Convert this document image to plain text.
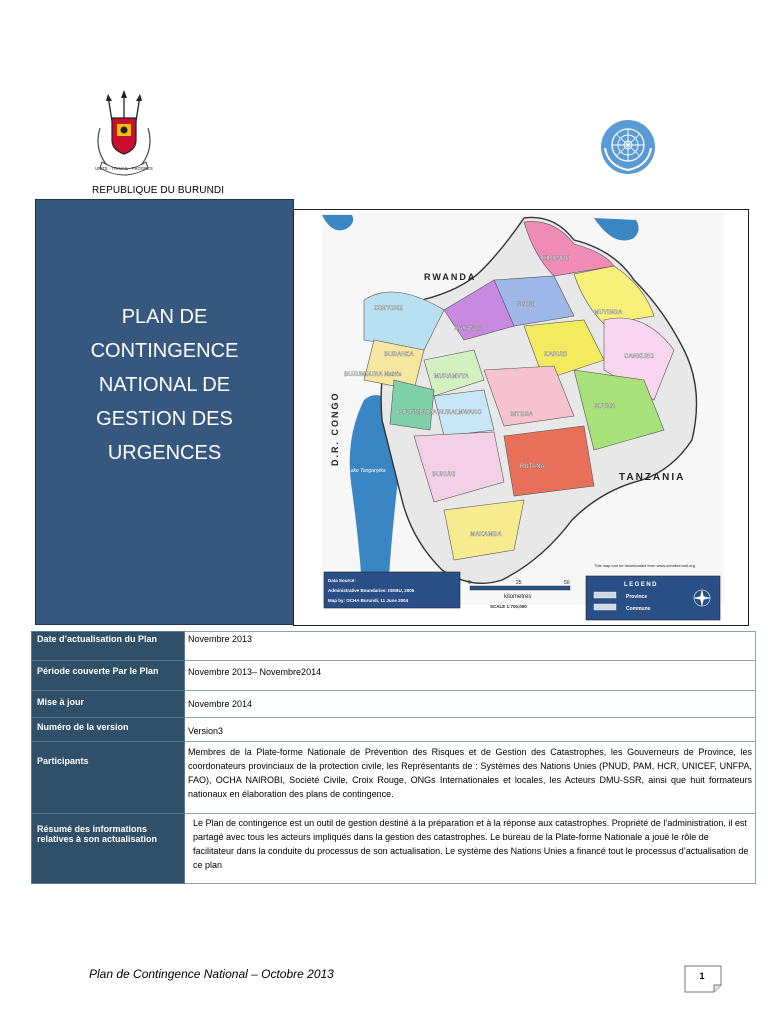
UNITE · TRAVAIL · PROGRES
REPUBLIQUE DU BURUNDI
PLAN DE
CONTINGENCE
NATIONAL DE
GESTION DES
URGENCES
RWANDA
TANZANIA
D.R. CONGO
Lake Tanganyika
KIRUNDO
MUYINGA
NGOZI
KAYANZA
CIBITOKE
BUBANZA	KARUZI	CANKUZO
MURAMVYA
GITEGA
RUYIGI
MWARO
BUJUMBURA RURAL
BUJUMBURA Mairie
BURURI
RUTANA
MAKAMBA
Data Source:
Administrative Boundaries: ISEBU, 2005
Map by: OCHA Burundi, 11 June 2004
0	25	50
kilometres
SCALE 1:700,000
This map can be downloaded from www.ochaburundi.org
LEGEND
Province
Commune
Date d’actualisation du Plan	Novembre 2013
Période couverte Par le Plan	Novembre 2013– Novembre2014
Mise à jour	Novembre 2014
Numéro de la version	Version3
Participants	Membres de la Plate-forme Nationale de Prévention des Risques et de Gestion des Catastrophes, les Gouverneurs de Province, les coordonateurs provinciaux de la protection civile, les Représentants de : Systèmes des Nations Unies (PNUD, PAM, HCR, UNICEF, UNFPA, FAO), OCHA NAIROBI, Société Civile, Croix Rouge, ONGs Internationales et locales, les Acteurs DMU-SSR, ainsi que huit formateurs nationaux en élaboration des plans de contingence.
Résumé des informations relatives à son actualisation	Le Plan de contingence est un outil de gestion destiné à la préparation et à la réponse aux catastrophes. Propriété de l’administration, il est partagé avec tous les acteurs impliqués dans la gestion des catastrophes. Le bureau de la Plate-forme Nationale a joué le rôle de facilitateur dans la conduite du processus de son actualisation. Le système des Nations Unies a financé tout le processus d’actualisation de ce plan
Plan de Contingence National – Octobre 2013	1
